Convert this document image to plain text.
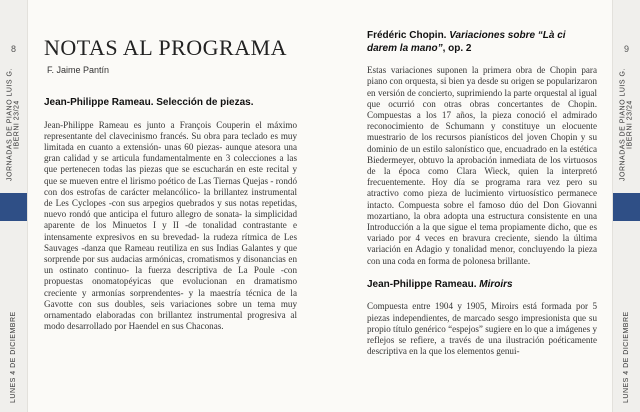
8
JORNADAS DE PIANO LUIS G. IBERNI 23/24
LUNES 4 DE DICIEMBRE
9
JORNADAS DE PIANO LUIS G. IBERNI 23/24
LUNES 4 DE DICIEMBRE
NOTAS AL PROGRAMA
F. Jaime Pantín
Jean-Philippe Rameau. Selección de piezas.

Jean-Philippe Rameau es junto a François Couperin el máximo representante del clavecinismo francés. Su obra para teclado es muy limitada en cuanto a extensión- unas 60 piezas- aunque atesora una gran calidad y se articula fundamentalmente en 3 colecciones a las que pertenecen todas las piezas que se escucharán en este recital y que se mueven entre el lirismo poético de Las Tiernas Quejas - rondó con dos estrofas de carácter melancólico- la brillantez instrumental de Les Cyclopes -con sus arpegios quebrados y sus notas repetidas, nuevo rondó que anticipa el futuro allegro de sonata- la simplicidad aparente de los Minuetos I y II -de tonalidad contrastante e intensamente expresivos en su brevedad- la rudeza rítmica de Les Sauvages -danza que Rameau reutiliza en sus Indias Galantes y que sorprende por sus audacias armónicas, cromatismos y disonancias en un ostinato continuo- la fuerza descriptiva de La Poule -con propuestas onomatopéyicas que evolucionan en dramatismo creciente y armonías sorprendentes- y la maestría técnica de la Gavotte con sus doubles, seis variaciones sobre un tema muy ornamentado elaboradas con brillantez instrumental progresiva al modo desarrollado por Haendel en sus Chaconas.

Frédéric Chopin. Variaciones sobre “Là ci darem la mano”, op. 2

Estas variaciones suponen la primera obra de Chopin para piano con orquesta, si bien ya desde su origen se popularizaron en versión de concierto, suprimiendo la parte orquestal al igual que ocurrió con otras obras concertantes de Chopin. Compuestas a los 17 años, la pieza conoció el admirado reconocimiento de Schumann y constituye un elocuente muestrario de los recursos pianísticos del joven Chopin y su dominio de un estilo salonístico que, encuadrado en la estética Biedermeyer, obtuvo la aprobación inmediata de los virtuosos de la época como Clara Wieck, quien la interpretó frecuentemente. Hoy día se programa rara vez pero su atractivo como pieza de lucimiento virtuosístico permanece intacto. Compuesta sobre el famoso dúo del Don Giovanni mozartiano, la obra adopta una estructura consistente en una Introducción a la que sigue el tema propiamente dicho, que es variado por 4 veces en bravura creciente, siendo la última variación en Adagio y tonalidad menor, concluyendo la pieza con una coda en forma de polonesa brillante.

Jean-Philippe Rameau. Miroirs

Compuesta entre 1904 y 1905, Miroirs está formada por 5 piezas independientes, de marcado sesgo impresionista que su propio título genérico “espejos” sugiere en lo que a imágenes y reflejos se refiere, a través de una ilustración poéticamente descriptiva en la que los elementos genui-
